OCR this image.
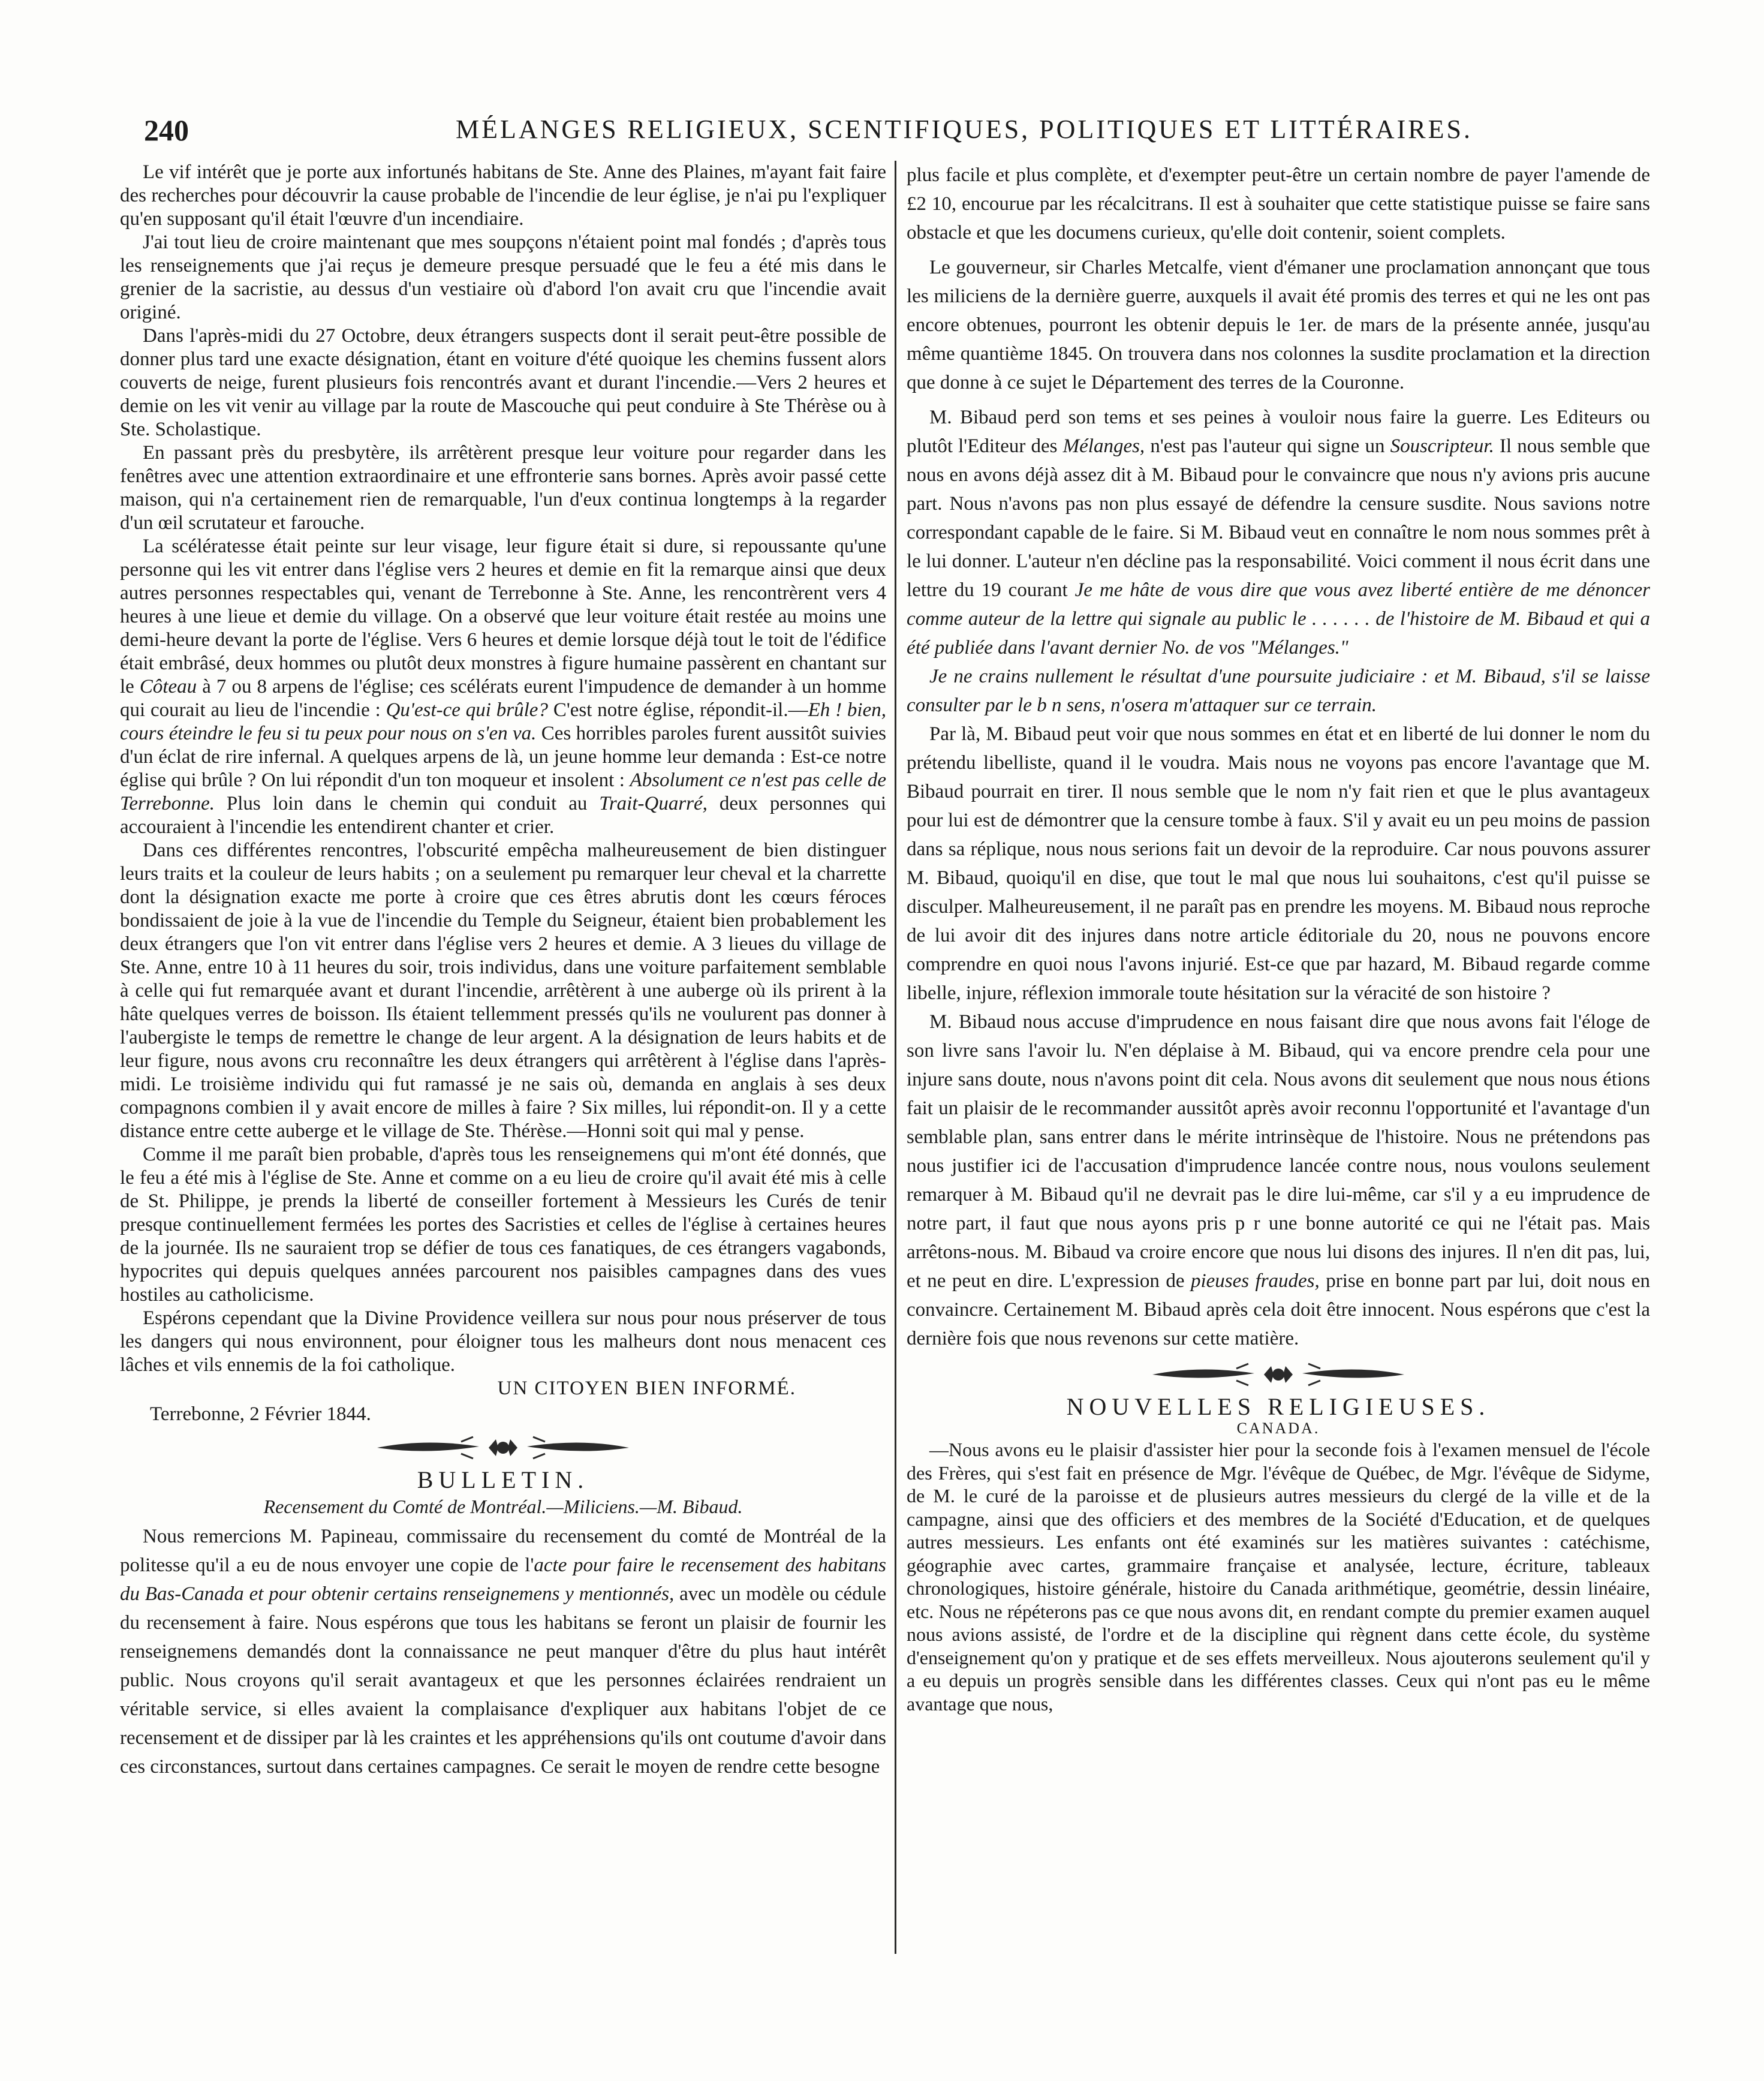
240	MÉLANGES RELIGIEUX, SCENTIFIQUES, POLITIQUES ET LITTÉRAIRES.

Le vif intérêt que je porte aux infortunés habitans de Ste. Anne des Plaines, m'ayant fait faire des recherches pour découvrir la cause probable de l'incendie de leur église, je n'ai pu l'expliquer qu'en supposant qu'il était l'œuvre d'un incendiaire.

J'ai tout lieu de croire maintenant que mes soupçons n'étaient point mal fondés ; d'après tous les renseignements que j'ai reçus je demeure presque persuadé que le feu a été mis dans le grenier de la sacristie, au dessus d'un vestiaire où d'abord l'on avait cru que l'incendie avait originé.

Dans l'après-midi du 27 Octobre, deux étrangers suspects dont il serait peut-être possible de donner plus tard une exacte désignation, étant en voiture d'été quoique les chemins fussent alors couverts de neige, furent plusieurs fois rencontrés avant et durant l'incendie.—Vers 2 heures et demie on les vit venir au village par la route de Mascouche qui peut conduire à Ste Thérèse ou à Ste. Scholastique.

En passant près du presbytère, ils arrêtèrent presque leur voiture pour regarder dans les fenêtres avec une attention extraordinaire et une effronterie sans bornes. Après avoir passé cette maison, qui n'a certainement rien de remarquable, l'un d'eux continua longtemps à la regarder d'un œil scrutateur et farouche.

La scélératesse était peinte sur leur visage, leur figure était si dure, si repoussante qu'une personne qui les vit entrer dans l'église vers 2 heures et demie en fit la remarque ainsi que deux autres personnes respectables qui, venant de Terrebonne à Ste. Anne, les rencontrèrent vers 4 heures à une lieue et demie du village. On a observé que leur voiture était restée au moins une demi-heure devant la porte de l'église. Vers 6 heures et demie lorsque déjà tout le toit de l'édifice était embrâsé, deux hommes ou plutôt deux monstres à figure humaine passèrent en chantant sur le Côteau à 7 ou 8 arpens de l'église; ces scélérats eurent l'impudence de demander à un homme qui courait au lieu de l'incendie : Qu'est-ce qui brûle? C'est notre église, répondit-il.—Eh ! bien, cours éteindre le feu si tu peux pour nous on s'en va. Ces horribles paroles furent aussitôt suivies d'un éclat de rire infernal. A quelques arpens de là, un jeune homme leur demanda : Est-ce notre église qui brûle ? On lui répondit d'un ton moqueur et insolent : Absolument ce n'est pas celle de Terrebonne. Plus loin dans le chemin qui conduit au Trait-Quarré, deux personnes qui accouraient à l'incendie les entendirent chanter et crier.

Dans ces différentes rencontres, l'obscurité empêcha malheureusement de bien distinguer leurs traits et la couleur de leurs habits ; on a seulement pu remarquer leur cheval et la charrette dont la désignation exacte me porte à croire que ces êtres abrutis dont les cœurs féroces bondissaient de joie à la vue de l'incendie du Temple du Seigneur, étaient bien probablement les deux étrangers que l'on vit entrer dans l'église vers 2 heures et demie. A 3 lieues du village de Ste. Anne, entre 10 à 11 heures du soir, trois individus, dans une voiture parfaitement semblable à celle qui fut remarquée avant et durant l'incendie, arrêtèrent à une auberge où ils prirent à la hâte quelques verres de boisson. Ils étaient tellemment pressés qu'ils ne voulurent pas donner à l'aubergiste le temps de remettre le change de leur argent. A la désignation de leurs habits et de leur figure, nous avons cru reconnaître les deux étrangers qui arrêtèrent à l'église dans l'après-midi. Le troisième individu qui fut ramassé je ne sais où, demanda en anglais à ses deux compagnons combien il y avait encore de milles à faire ? Six milles, lui répondit-on. Il y a cette distance entre cette auberge et le village de Ste. Thérèse.—Honni soit qui mal y pense.

Comme il me paraît bien probable, d'après tous les renseignemens qui m'ont été donnés, que le feu a été mis à l'église de Ste. Anne et comme on a eu lieu de croire qu'il avait été mis à celle de St. Philippe, je prends la liberté de conseiller fortement à Messieurs les Curés de tenir presque continuellement fermées les portes des Sacristies et celles de l'église à certaines heures de la journée. Ils ne sauraient trop se défier de tous ces fanatiques, de ces étrangers vagabonds, hypocrites qui depuis quelques années parcourent nos paisibles campagnes dans des vues hostiles au catholicisme.

Espérons cependant que la Divine Providence veillera sur nous pour nous préserver de tous les dangers qui nous environnent, pour éloigner tous les malheurs dont nous menacent ces lâches et vils ennemis de la foi catholique.

UN CITOYEN BIEN INFORMÉ.

Terrebonne, 2 Février 1844.

BULLETIN.

Recensement du Comté de Montréal.—Miliciens.—M. Bibaud.

Nous remercions M. Papineau, commissaire du recensement du comté de Montréal de la politesse qu'il a eu de nous envoyer une copie de l'acte pour faire le recensement des habitans du Bas-Canada et pour obtenir certains renseignemens y mentionnés, avec un modèle ou cédule du recensement à faire. Nous espérons que tous les habitans se feront un plaisir de fournir les renseignemens demandés dont la connaissance ne peut manquer d'être du plus haut intérêt public. Nous croyons qu'il serait avantageux et que les personnes éclairées rendraient un véritable service, si elles avaient la complaisance d'expliquer aux habitans l'objet de ce recensement et de dissiper par là les craintes et les appréhensions qu'ils ont coutume d'avoir dans ces circonstances, surtout dans certaines campagnes. Ce serait le moyen de rendre cette besogne

plus facile et plus complète, et d'exempter peut-être un certain nombre de payer l'amende de £2 10, encourue par les récalcitrans. Il est à souhaiter que cette statistique puisse se faire sans obstacle et que les documens curieux, qu'elle doit contenir, soient complets.

Le gouverneur, sir Charles Metcalfe, vient d'émaner une proclamation annonçant que tous les miliciens de la dernière guerre, auxquels il avait été promis des terres et qui ne les ont pas encore obtenues, pourront les obtenir depuis le 1er. de mars de la présente année, jusqu'au même quantième 1845. On trouvera dans nos colonnes la susdite proclamation et la direction que donne à ce sujet le Département des terres de la Couronne.

M. Bibaud perd son tems et ses peines à vouloir nous faire la guerre. Les Editeurs ou plutôt l'Editeur des Mélanges, n'est pas l'auteur qui signe un Souscripteur. Il nous semble que nous en avons déjà assez dit à M. Bibaud pour le convaincre que nous n'y avions pris aucune part. Nous n'avons pas non plus essayé de défendre la censure susdite. Nous savions notre correspondant capable de le faire. Si M. Bibaud veut en connaître le nom nous sommes prêt à le lui donner. L'auteur n'en décline pas la responsabilité. Voici comment il nous écrit dans une lettre du 19 courant Je me hâte de vous dire que vous avez liberté entière de me dénoncer comme auteur de la lettre qui signale au public le . . . . . . de l'histoire de M. Bibaud et qui a été publiée dans l'avant dernier No. de vos "Mélanges."

Je ne crains nullement le résultat d'une poursuite judiciaire : et M. Bibaud, s'il se laisse consulter par le b n sens, n'osera m'attaquer sur ce terrain.

Par là, M. Bibaud peut voir que nous sommes en état et en liberté de lui donner le nom du prétendu libelliste, quand il le voudra. Mais nous ne voyons pas encore l'avantage que M. Bibaud pourrait en tirer. Il nous semble que le nom n'y fait rien et que le plus avantageux pour lui est de démontrer que la censure tombe à faux. S'il y avait eu un peu moins de passion dans sa réplique, nous nous serions fait un devoir de la reproduire. Car nous pouvons assurer M. Bibaud, quoiqu'il en dise, que tout le mal que nous lui souhaitons, c'est qu'il puisse se disculper. Malheureusement, il ne paraît pas en prendre les moyens. M. Bibaud nous reproche de lui avoir dit des injures dans notre article éditoriale du 20, nous ne pouvons encore comprendre en quoi nous l'avons injurié. Est-ce que par hazard, M. Bibaud regarde comme libelle, injure, réflexion immorale toute hésitation sur la véracité de son histoire ?

M. Bibaud nous accuse d'imprudence en nous faisant dire que nous avons fait l'éloge de son livre sans l'avoir lu. N'en déplaise à M. Bibaud, qui va encore prendre cela pour une injure sans doute, nous n'avons point dit cela. Nous avons dit seulement que nous nous étions fait un plaisir de le recommander aussitôt après avoir reconnu l'opportunité et l'avantage d'un semblable plan, sans entrer dans le mérite intrinsèque de l'histoire. Nous ne prétendons pas nous justifier ici de l'accusation d'imprudence lancée contre nous, nous voulons seulement remarquer à M. Bibaud qu'il ne devrait pas le dire lui-même, car s'il y a eu imprudence de notre part, il faut que nous ayons pris p r une bonne autorité ce qui ne l'était pas. Mais arrêtons-nous. M. Bibaud va croire encore que nous lui disons des injures. Il n'en dit pas, lui, et ne peut en dire. L'expression de pieuses fraudes, prise en bonne part par lui, doit nous en convaincre. Certainement M. Bibaud après cela doit être innocent. Nous espérons que c'est la dernière fois que nous revenons sur cette matière.

NOUVELLES RELIGIEUSES.

CANADA.

—Nous avons eu le plaisir d'assister hier pour la seconde fois à l'examen mensuel de l'école des Frères, qui s'est fait en présence de Mgr. l'évêque de Québec, de Mgr. l'évêque de Sidyme, de M. le curé de la paroisse et de plusieurs autres messieurs du clergé de la ville et de la campagne, ainsi que des officiers et des membres de la Société d'Education, et de quelques autres messieurs. Les enfants ont été examinés sur les matières suivantes : catéchisme, géographie avec cartes, grammaire française et analysée, lecture, écriture, tableaux chronologiques, histoire générale, histoire du Canada arithmétique, geométrie, dessin linéaire, etc. Nous ne répéterons pas ce que nous avons dit, en rendant compte du premier examen auquel nous avions assisté, de l'ordre et de la discipline qui règnent dans cette école, du système d'enseignement qu'on y pratique et de ses effets merveilleux. Nous ajouterons seulement qu'il y a eu depuis un progrès sensible dans les différentes classes. Ceux qui n'ont pas eu le même avantage que nous,
